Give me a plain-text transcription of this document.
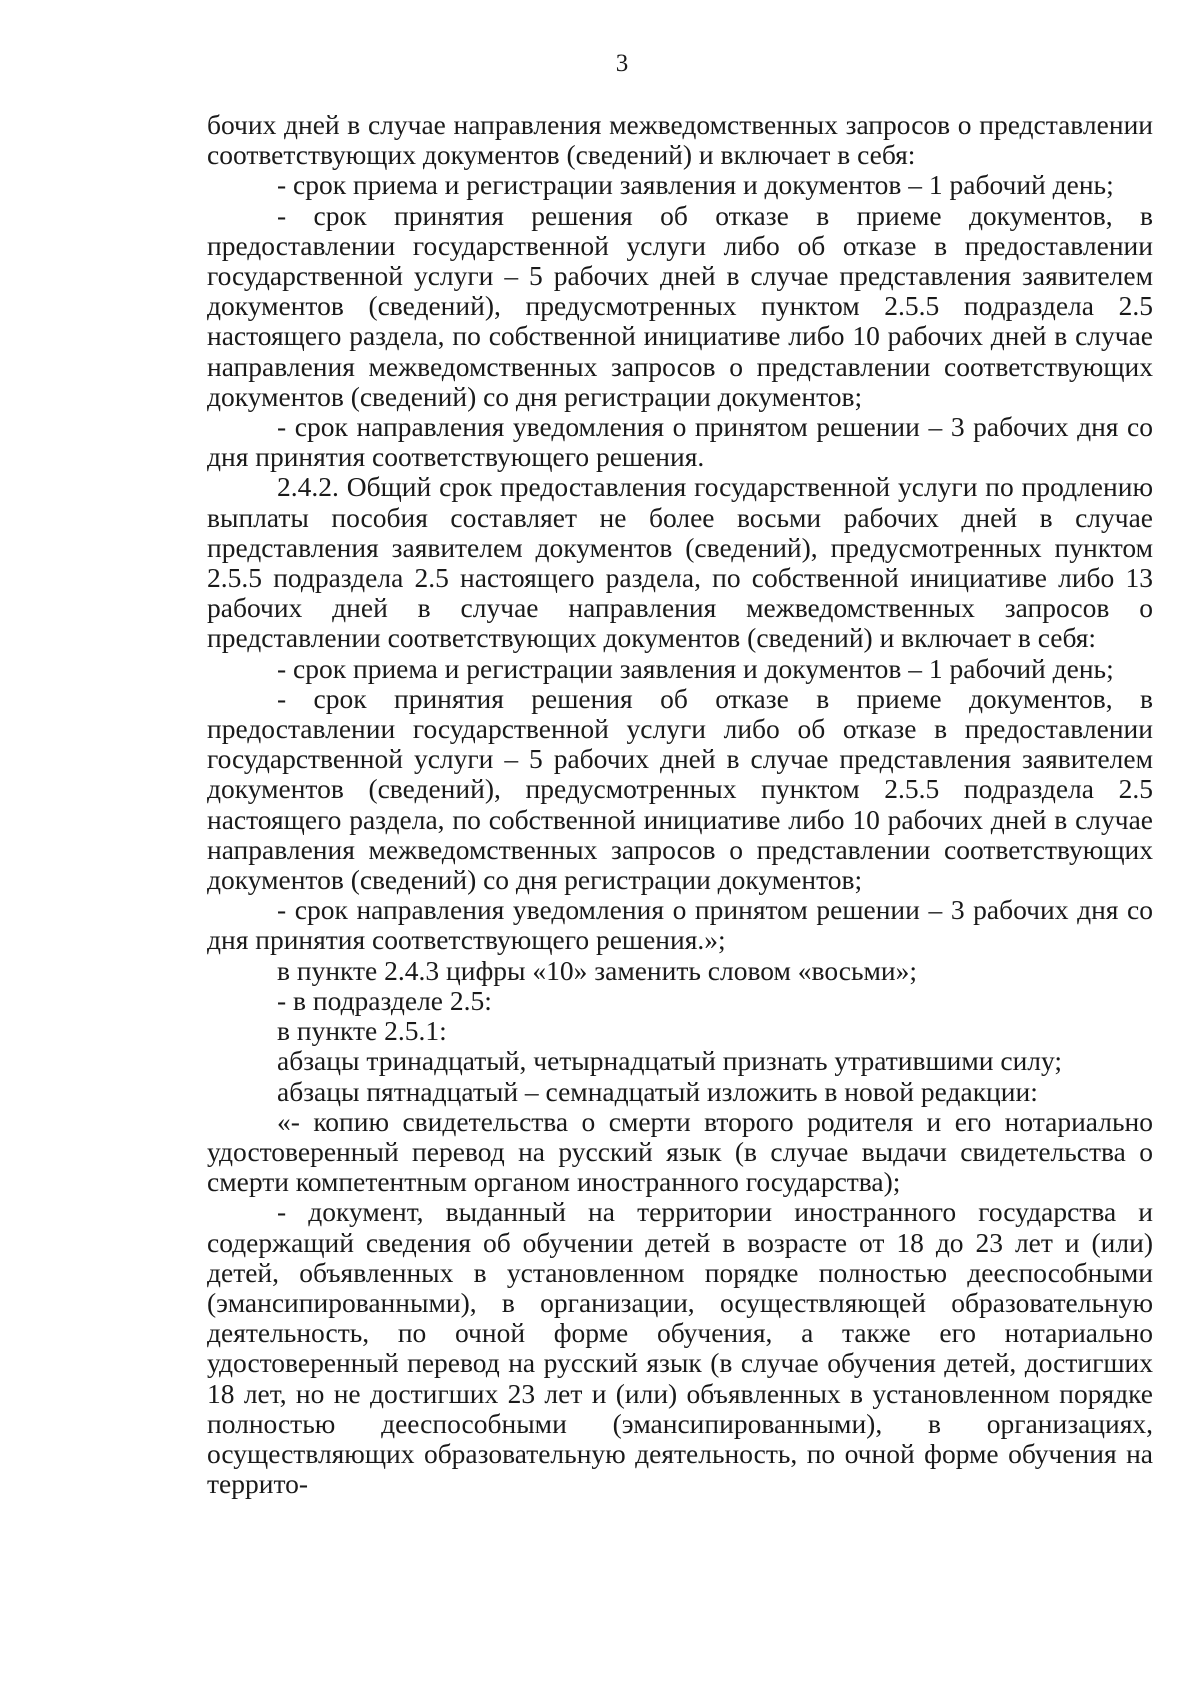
3

бочих дней в случае направления межведомственных запросов о представлении соответствующих документов (сведений) и включает в себя:

- срок приема и регистрации заявления и документов – 1 рабочий день;

- срок принятия решения об отказе в приеме документов, в предоставлении государственной услуги либо об отказе в предоставлении государственной услуги – 5 рабочих дней в случае представления заявителем документов (сведений), предусмотренных пунктом 2.5.5 подраздела 2.5 настоящего раздела, по собственной инициативе либо 10 рабочих дней в случае направления межведомственных запросов о представлении соответствующих документов (сведений) со дня регистрации документов;

- срок направления уведомления о принятом решении – 3 рабочих дня со дня принятия соответствующего решения.

2.4.2. Общий срок предоставления государственной услуги по продлению выплаты пособия составляет не более восьми рабочих дней в случае представления заявителем документов (сведений), предусмотренных пунктом 2.5.5 подраздела 2.5 настоящего раздела, по собственной инициативе либо 13 рабочих дней в случае направления межведомственных запросов о представлении соответствующих документов (сведений) и включает в себя:

- срок приема и регистрации заявления и документов – 1 рабочий день;

- срок принятия решения об отказе в приеме документов, в предоставлении государственной услуги либо об отказе в предоставлении государственной услуги – 5 рабочих дней в случае представления заявителем документов (сведений), предусмотренных пунктом 2.5.5 подраздела 2.5 настоящего раздела, по собственной инициативе либо 10 рабочих дней в случае направления межведомственных запросов о представлении соответствующих документов (сведений) со дня регистрации документов;

- срок направления уведомления о принятом решении – 3 рабочих дня со дня принятия соответствующего решения.»;

в пункте 2.4.3 цифры «10» заменить словом «восьми»;

- в подразделе 2.5:

в пункте 2.5.1:

абзацы тринадцатый, четырнадцатый признать утратившими силу;

абзацы пятнадцатый – семнадцатый изложить в новой редакции:

«- копию свидетельства о смерти второго родителя и его нотариально удостоверенный перевод на русский язык (в случае выдачи свидетельства о смерти компетентным органом иностранного государства);

- документ, выданный на территории иностранного государства и содержащий сведения об обучении детей в возрасте от 18 до 23 лет и (или) детей, объявленных в установленном порядке полностью дееспособными (эмансипированными), в организации, осуществляющей образовательную деятельность, по очной форме обучения, а также его нотариально удостоверенный перевод на русский язык (в случае обучения детей, достигших 18 лет, но не достигших 23 лет и (или) объявленных в установленном порядке полностью дееспособными (эмансипированными), в организациях, осуществляющих образовательную деятельность, по очной форме обучения на террито-
